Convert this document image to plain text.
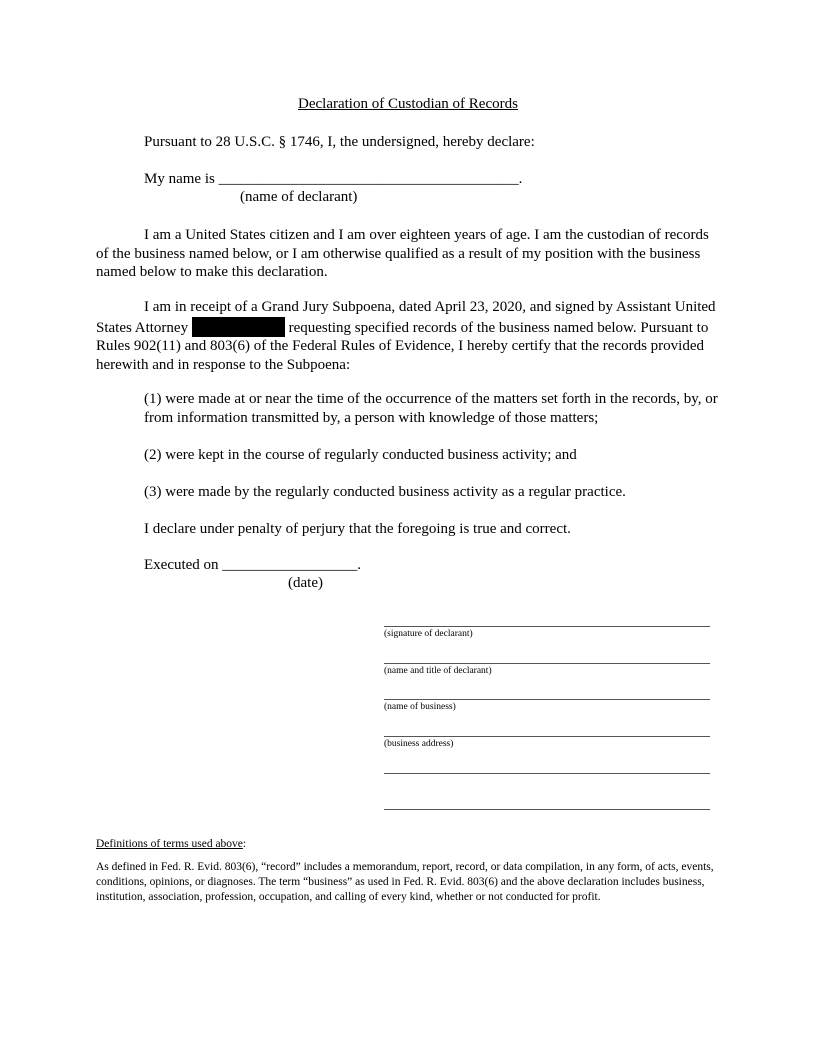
Declaration of Custodian of Records
Pursuant to 28 U.S.C. § 1746, I, the undersigned, hereby declare:
My name is ________________________________________.
(name of declarant)
I am a United States citizen and I am over eighteen years of age. I am the custodian of records of the business named below, or I am otherwise qualified as a result of my position with the business named below to make this declaration.
I am in receipt of a Grand Jury Subpoena, dated April 23, 2020, and signed by Assistant United States Attorney	requesting specified records of the business named below. Pursuant to Rules 902(11) and 803(6) of the Federal Rules of Evidence, I hereby certify that the records provided herewith and in response to the Subpoena:
(1) were made at or near the time of the occurrence of the matters set forth in the records, by, or from information transmitted by, a person with knowledge of those matters;
(2) were kept in the course of regularly conducted business activity; and
(3) were made by the regularly conducted business activity as a regular practice.
I declare under penalty of perjury that the foregoing is true and correct.
Executed on __________________.
(date)
(signature of declarant)
(name and title of declarant)
(name of business)
(business address)
Definitions of terms used above:
As defined in Fed. R. Evid. 803(6), “record” includes a memorandum, report, record, or data compilation, in any form, of acts, events, conditions, opinions, or diagnoses. The term “business” as used in Fed. R. Evid. 803(6) and the above declaration includes business, institution, association, profession, occupation, and calling of every kind, whether or not conducted for profit.
